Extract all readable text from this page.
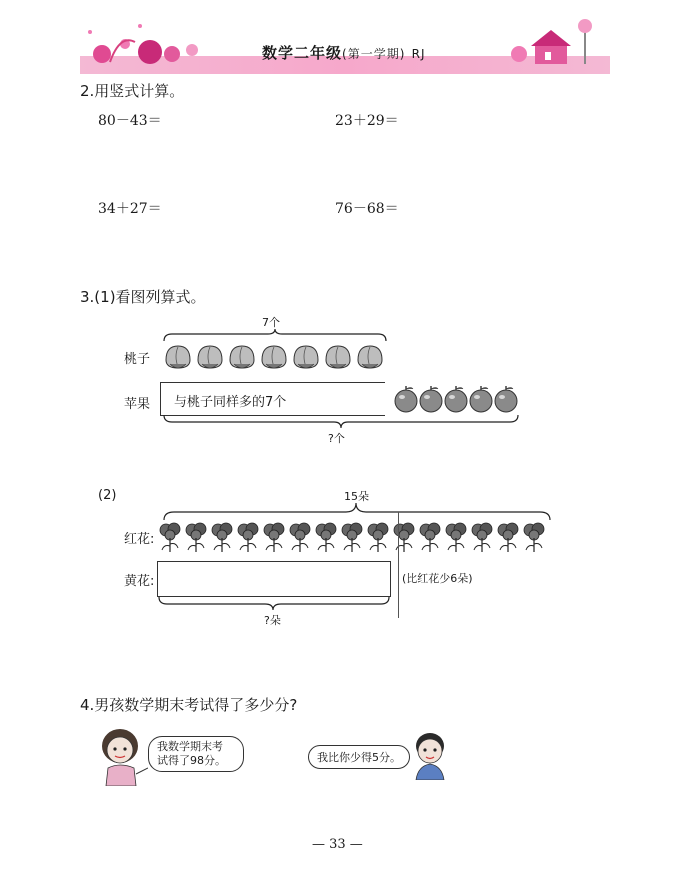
数学二年级(第一学期) RJ
2.用竖式计算。
80－43＝	23＋29＝
34＋27＝	76－68＝
3.(1)看图列算式。
7个
桃子
苹果 与桃子同样多的7个
?个
(2)	15朵
红花:
黄花:	(比红花少6朵)
?朵
4.男孩数学期末考试得了多少分?
我数学期末考
试得了98分。	我比你少得5分。
— 33 —
